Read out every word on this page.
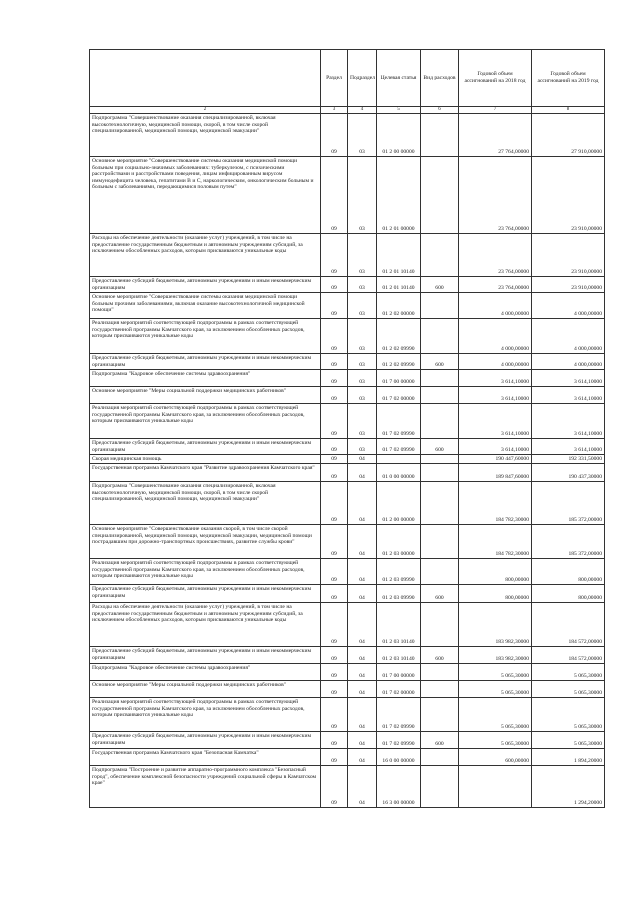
		Раздел	Подраздел	Целевая статья	Вид расходов	Годовой объем ассигнований на 2018 год	Годовой объем ассигнований на 2019 год
	2	3	4	5	6	7	8
	Подпрограмма "Совершенствование оказания специализированной, включая высокотехнологичную, медицинской помощи, скорой, в том числе скорой специализированной, медицинской помощи, медицинской эвакуации"	09	03	01 2 00 00000		27 764,00000	27 910,00000
	Основное мероприятие "Совершенствование системы оказания медицинской помощи больным при социально-значимых заболеваниях: туберкулезом, с психическими расстройствами и расстройствами поведения, лицам инфицированным вирусом иммунодефицита человека, гепатитами В и С, наркологическим, онкологическим больным и больным с заболеваниями, передающимися половым путем"	09	03	01 2 01 00000		23 764,00000	23 910,00000
	Расходы на обеспечение деятельности (оказание услуг) учреждений, в том числе на предоставление государственным бюджетным и автономным учреждениям субсидий, за исключением обособленных расходов, которым присваиваются уникальные коды	09	03	01 2 01 10140		23 764,00000	23 910,00000
	Предоставление субсидий бюджетным, автономным учреждениям и иным некоммерческим организациям	09	03	01 2 01 10140	600	23 764,00000	23 910,00000
	Основное мероприятие "Совершенствование системы оказания медицинской помощи больным прочими заболеваниями, включая оказание высокотехнологичной медицинской помощи"	09	03	01 2 02 00000		4 000,00000	4 000,00000
	Реализация мероприятий соответствующей подпрограммы в рамках соответствующей государственной программы Камчатского края, за исключением обособленных расходов, которым присваиваются уникальные коды	09	03	01 2 02 09990		4 000,00000	4 000,00000
	Предоставление субсидий бюджетным, автономным учреждениям и иным некоммерческим организациям	09	03	01 2 02 09990	600	4 000,00000	4 000,00000
	Подпрограмма "Кадровое обеспечение системы здравоохранения"	09	03	01 7 00 00000		3 614,10000	3 614,10000
	Основное мероприятие "Меры социальной поддержки медицинских работников"	09	03	01 7 02 00000		3 614,10000	3 614,10000
	Реализация мероприятий соответствующей подпрограммы в рамках соответствующей государственной программы Камчатского края, за исключением обособленных расходов, которым присваиваются уникальные коды	09	03	01 7 02 09990		3 614,10000	3 614,10000
	Предоставление субсидий бюджетным, автономным учреждениям и иным некоммерческим организациям	09	03	01 7 02 09990	600	3 614,10000	3 614,10000
	Скорая медицинская помощь	09	04			190 447,60000	192 331,50000
	Государственная программа Камчатского края "Развитие здравоохранения Камчатского края"	09	04	01 0 00 00000		189 847,60000	190 437,30000
	Подпрограмма "Совершенствование оказания специализированной, включая высокотехнологичную, медицинской помощи, скорой, в том числе скорой специализированной, медицинской помощи, медицинской эвакуации"	09	04	01 2 00 00000		184 782,30000	185 372,00000
	Основное мероприятие "Совершенствование оказания скорой, в том числе скорой специализированной, медицинской помощи, медицинской эвакуации, медицинской помощи пострадавшим при дорожно-транспортных происшествиях, развитие службы крови"	09	04	01 2 03 00000		184 782,30000	185 372,00000
	Реализация мероприятий соответствующей подпрограммы в рамках соответствующей государственной программы Камчатского края, за исключением обособленных расходов, которым присваиваются уникальные коды	09	04	01 2 03 09990		800,00000	800,00000
	Предоставление субсидий бюджетным, автономным учреждениям и иным некоммерческим организациям	09	04	01 2 03 09990	600	800,00000	800,00000
	Расходы на обеспечение деятельности (оказание услуг) учреждений, в том числе на предоставление государственным бюджетным и автономным учреждениям субсидий, за исключением обособленных расходов, которым присваиваются уникальные коды	09	04	01 2 03 10140		183 982,30000	184 572,00000
	Предоставление субсидий бюджетным, автономным учреждениям и иным некоммерческим организациям	09	04	01 2 03 10140	600	183 982,30000	184 572,00000
	Подпрограмма "Кадровое обеспечение системы здравоохранения"	09	04	01 7 00 00000		5 065,30000	5 065,30000
	Основное мероприятие "Меры социальной поддержки медицинских работников"	09	04	01 7 02 00000		5 065,30000	5 065,30000
	Реализация мероприятий соответствующей подпрограммы в рамках соответствующей государственной программы Камчатского края, за исключением обособленных расходов, которым присваиваются уникальные коды	09	04	01 7 02 09990		5 065,30000	5 065,30000
	Предоставление субсидий бюджетным, автономным учреждениям и иным некоммерческим организациям	09	04	01 7 02 09990	600	5 065,30000	5 065,30000
	Государственная программа Камчатского края "Безопасная Камчатка"	09	04	16 0 00 00000		600,00000	1 894,20000
	Подпрограмма "Построение и развитие аппаратно-программного комплекса "Безопасный город", обеспечение комплексной безопасности учреждений социальной сферы в Камчатском крае"	09	04	16 3 00 00000			1 294,20000
